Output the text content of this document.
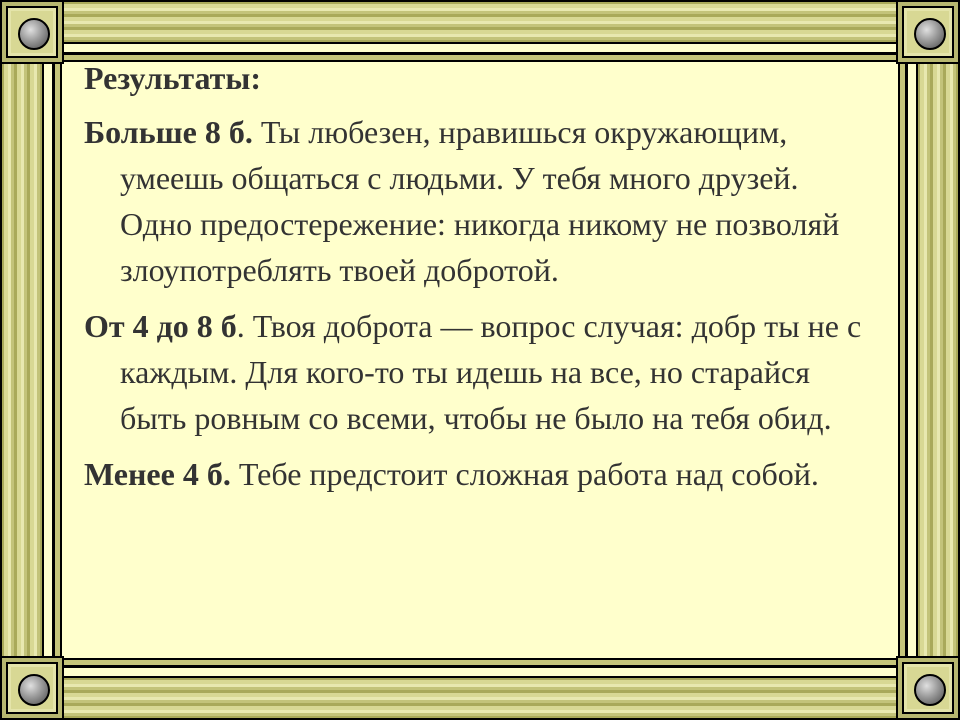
Результаты:

Больше 8 б. Ты любезен, нравишься окружающим, умеешь общаться с людьми. У тебя много друзей. Одно предостережение: никогда никому не позволяй злоупотреблять твоей добротой.

От 4 до 8 б. Твоя доброта — вопрос случая: добр ты не с каждым. Для кого-то ты идешь на все, но старайся быть ровным со всеми, чтобы не было на тебя обид.

Менее 4 б. Тебе предстоит сложная работа над собой.
